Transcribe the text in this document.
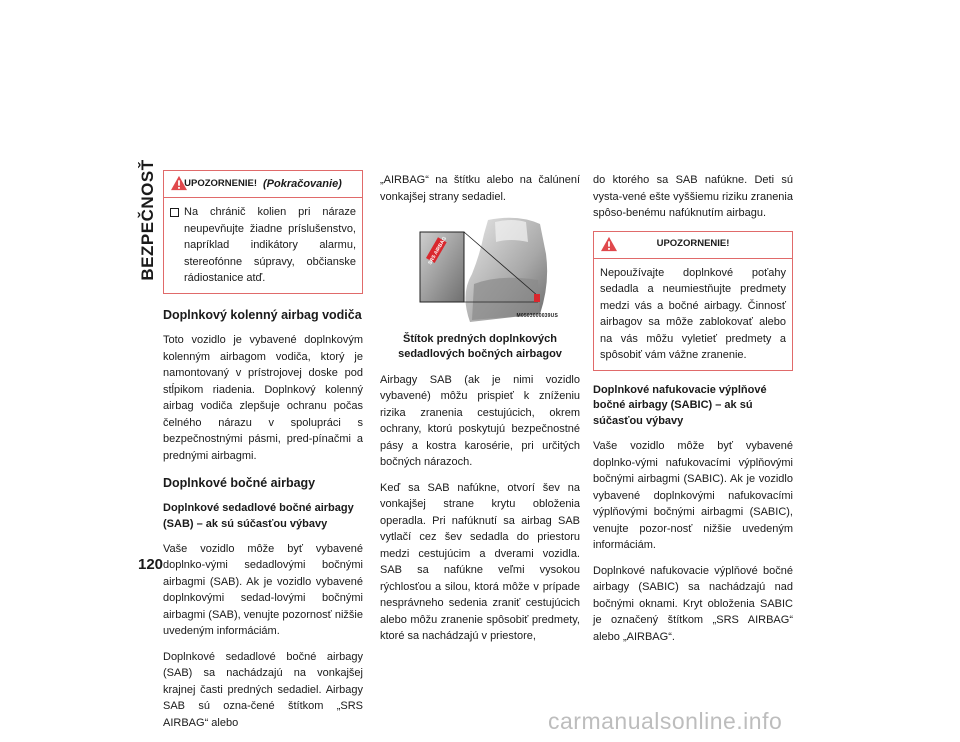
BEZPEČNOSŤ
120
UPOZORNENIE! (Pokračovanie)

Na chránič kolien pri náraze neupevňujte žiadne príslušenstvo, napríklad indikátory alarmu, stereofónne súpravy, občianske rádiostanice atď.

Doplnkový kolenný airbag vodiča

Toto vozidlo je vybavené doplnkovým kolenným airbagom vodiča, ktorý je namontovaný v prístrojovej doske pod stĺpikom riadenia. Doplnkový kolenný airbag vodiča zlepšuje ochranu počas čelného nárazu v spolupráci s bezpečnostnými pásmi, pred-pínačmi a prednými airbagmi.

Doplnkové bočné airbagy
Doplnkové sedadlové bočné airbagy (SAB) – ak sú súčasťou výbavy

Vaše vozidlo môže byť vybavené doplnko-vými sedadlovými bočnými airbagmi (SAB). Ak je vozidlo vybavené doplnkovými sedad-lovými bočnými airbagmi (SAB), venujte pozornosť nižšie uvedeným informáciám.

Doplnkové sedadlové bočné airbagy (SAB) sa nachádzajú na vonkajšej krajnej časti predných sedadiel. Airbagy SAB sú ozna-čené štítkom „SRS AIRBAG“ alebo

„AIRBAG“ na štítku alebo na čalúnení vonkajšej strany sedadiel.

SRS AIRBAG
M0503000039US
Štítok predných doplnkových sedadlových bočných airbagov

Airbagy SAB (ak je nimi vozidlo vybavené) môžu prispieť k zníženiu rizika zranenia cestujúcich, okrem ochrany, ktorú poskytujú bezpečnostné pásy a kostra karosérie, pri určitých bočných nárazoch.

Keď sa SAB nafúkne, otvorí šev na vonkajšej strane krytu obloženia operadla. Pri nafúknutí sa airbag SAB vytlačí cez šev sedadla do priestoru medzi cestujúcim a dverami vozidla. SAB sa nafúkne veľmi vysokou rýchlosťou a silou, ktorá môže v prípade nesprávneho sedenia zraniť cestujúcich alebo môžu zranenie spôsobiť predmety, ktoré sa nachádzajú v priestore,

do ktorého sa SAB nafúkne. Deti sú vysta-vené ešte vyššiemu riziku zranenia spôso-benému nafúknutím airbagu.

UPOZORNENIE!

Nepoužívajte doplnkové poťahy sedadla a neumiestňujte predmety medzi vás a bočné airbagy. Činnosť airbagov sa môže zablokovať alebo na vás môžu vyletieť predmety a spôsobiť vám vážne zranenie.

Doplnkové nafukovacie výplňové bočné airbagy (SABIC) – ak sú súčasťou výbavy

Vaše vozidlo môže byť vybavené doplnko-vými nafukovacími výplňovými bočnými airbagmi (SABIC). Ak je vozidlo vybavené doplnkovými nafukovacími výplňovými bočnými airbagmi (SABIC), venujte pozor-nosť nižšie uvedeným informáciám.

Doplnkové nafukovacie výplňové bočné airbagy (SABIC) sa nachádzajú nad bočnými oknami. Kryt obloženia SABIC je označený štítkom „SRS AIRBAG“ alebo „AIRBAG“.

carmanualsonline.info
